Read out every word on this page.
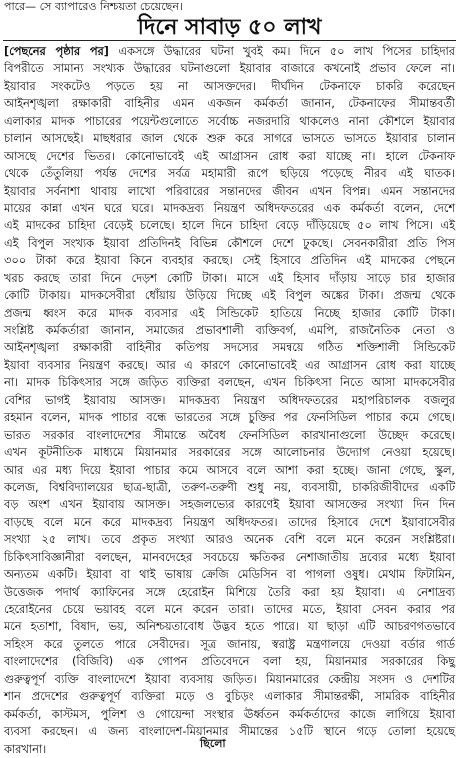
পারে— সে ব্যাপারেও নিশ্চয়তা চেয়েছেন।
দিনে সাবাড় ৫০ লাখ
[পেছনের পৃষ্ঠার পর] একসঙ্গে উদ্ধারের ঘটনা খুবই কম। দিনে ৫০ লাখ পিসের চাহিদার
বিপরীতে সামান্য সংখ্যক উদ্ধারের ঘটনাগুলো ইয়াবার বাজারে কখনোই প্রভাব ফেলে না।
ইয়াবার সংকটেও পড়তে হয় না আসক্তদের। দীর্ঘদিন টেকনাফে চাকরি করেছেন
আইনশৃঙ্খলা রক্ষাকারী বাহিনীর এমন একজন কর্মকর্তা জানান, টেকনাফের সীমান্তবর্তী
এলাকার মাদক পাচারের পয়েন্টগুলোতে সর্বোচ্চ নজরদারি থাকলেও নানা কৌশলে ইয়াবার
চালান আসছেই। মাছধরার জাল থেকে শুরু করে সাগরে ভাসতে ভাসতে ইয়াবার চালান
আসছে দেশের ভিতর। কোনোভাবেই এই আগ্রাসন রোধ করা যাচ্ছে না। হালে টেকনাফ
থেকে তেঁতুলিয়া পর্যন্ত দেশের সর্বত্র মহামারী রূপে ছড়িয়ে পড়েছে নীরব এই ঘাতক।
ইয়াবার সর্বনাশা থাবায় লাখো পরিবারের সন্তানদের জীবন এখন বিপন্ন। এমন সন্তানদের
মায়ের কান্না এখন ঘরে ঘরে। মাদকদ্রব্য নিয়ন্ত্রণ অধিদফতরের এক কর্মকর্তা বলেন, দেশে
এই মাদকের চাহিদা বেড়েই চলেছে। হালে দিনে চাহিদা বেড়ে দাঁড়িয়েছে ৫০ লাখ পিসে। এই
এই বিপুল সংখ্যক ইয়াবা প্রতিদিনই বিভিন্ন কৌশলে দেশে ঢুকছে। সেবনকারীরা প্রতি পিস
৩০০ টাকা করে ইয়াবা কিনে ব্যবহার করছে। সেই হিসাবে প্রতিদিন এই মাদকের পেছনে
খরচ করছে তারা দিনে দেড়শ কোটি টাকা। মাসে এই হিসাব দাঁড়ায় সাড়ে চার হাজার
কোটি টাকায়। মাদকসেবীরা ধোঁয়ায় উড়িয়ে দিচ্ছে এই বিপুল অঙ্কের টাকা। প্রজন্ম থেকে
প্রজন্ম ধ্বংস করে মাদক ব্যবসার এই সিন্ডিকেট হাতিয়ে নিচ্ছে হাজার কোটি টাকা।
সংশ্লিষ্ট কর্মকর্তারা জানান, সমাজের প্রভাবশালী ব্যক্তিবর্গ, এমপি, রাজনৈতিক নেতা ও
আইনশৃঙ্খলা রক্ষাকারী বাহিনীর কতিপয় সদস্যের সমন্বয়ে গঠিত শক্তিশালী সিন্ডিকেট
ইয়াবা ব্যবসার নিয়ন্ত্রণ করছে। আর এ কারণে কোনোভাবেই এর আগ্রাসন রোধ করা যাচ্ছে
না। মাদক চিকিৎসার সঙ্গে জড়িত ব্যক্তিরা বলছেন, এখন চিকিৎসা নিতে আসা মাদকসেবীর
বেশির ভাগই ইয়াবায় আসক্ত। মাদকদ্রব্য নিয়ন্ত্রণ অধিদফতরের মহাপরিচালক বজলুর
রহমান বলেন, মাদক পাচার বন্ধে ভারতের সঙ্গে চুক্তির পর ফেনসিডিল পাচার কমে গেছে।
ভারত সরকার বাংলাদেশের সীমান্তে অবৈধ ফেনসিডিল কারখানাগুলো উচ্ছেদ করেছে।
এখন কূটনীতিক মাধ্যমে মিয়ানমার সরকারের সঙ্গে আলোচনার উদ্যোগ নেওয়া হয়েছে।
আর এর মধ্য দিয়ে ইয়াবা পাচার কমে আসবে বলে আশা করা হচ্ছে। জানা গেছে, স্কুল,
কলেজ, বিশ্ববিদ্যালয়ের ছাত্র-ছাত্রী, তরুণ-তরুণী শুধু নয়, ব্যবসায়ী, চাকরিজীবীদের একটি
বড় অংশ এখন ইয়াবায় আসক্ত। সহজলভ্যের কারণেই ইয়াবা আসক্তের সংখ্যা দিন দিন
বাড়ছে বলে মনে করে মাদকদ্রব্য নিয়ন্ত্রণ অধিদফতর। তাদের হিসাবে দেশে ইয়াবাসেবীর
সংখ্যা ২৫ লাখ। তবে প্রকৃত সংখ্যা আরও অনেক বেশি বলে মনে করেন সংশ্লিষ্টরা।
চিকিৎসাবিজ্ঞানীরা বলছেন, মানবদেহের সবচেয়ে ক্ষতিকর নেশাজাতীয় দ্রব্যের মধ্যে ইয়াবা
অন্যতম একটি। ইয়াবা বা থাই ভাষায় ক্রেজি মেডিসিন বা পাগলা ওষুধ। মেথাম ফিটামিন,
উত্তেজক পদার্থ ক্যাফিনের সঙ্গে হেরোইন মিশিয়ে তৈরি করা হয় ইয়াবা। এ নেশাদ্রব্য
হেরোইনের চেয়ে ভয়াবহ বলে মনে করেন তারা। তাদের মতে, ইয়াবা সেবন করার পর
মনে হতাশা, বিষাদ, ভয়, অনিশ্চয়তাবোধ উদ্ভব হতে পারে। যা ছাড়া এটি আচরণগতভাবে
সহিংস করে তুলতে পারে সেবীদের। সূত্র জানায়, স্বরাষ্ট্র মন্ত্রণালয়ে দেওয়া বর্ডার গার্ড
বাংলাদেশের (বিজিবি) এক গোপন প্রতিবেদনে বলা হয়, মিয়ানমার সরকারের কিছু
গুরুত্বপূর্ণ ব্যক্তি বাংলাদেশে ইয়াবা ব্যবসায় জড়িত। মিয়ানমারের কেন্দ্রীয় সংসদ ও দেশটির
শান প্রদেশের গুরুত্বপূর্ণ ব্যক্তিরা মড়ে ও বুচিড়ং এলাকার সীমান্তরক্ষী, সামরিক বাহিনীর
কর্মকর্তা, কাস্টমস, পুলিশ ও গোয়েন্দা সংস্থার ঊর্ধ্বতন কর্মকর্তাদের কাজে লাগিয়ে ইয়াবা
ব্যবসা করছেন। এ জন্য বাংলাদেশ-মিয়ানমার সীমান্তের ১৫টি স্থানে গড়ে তোলা হয়েছে
কারখানা।	ছিলো
